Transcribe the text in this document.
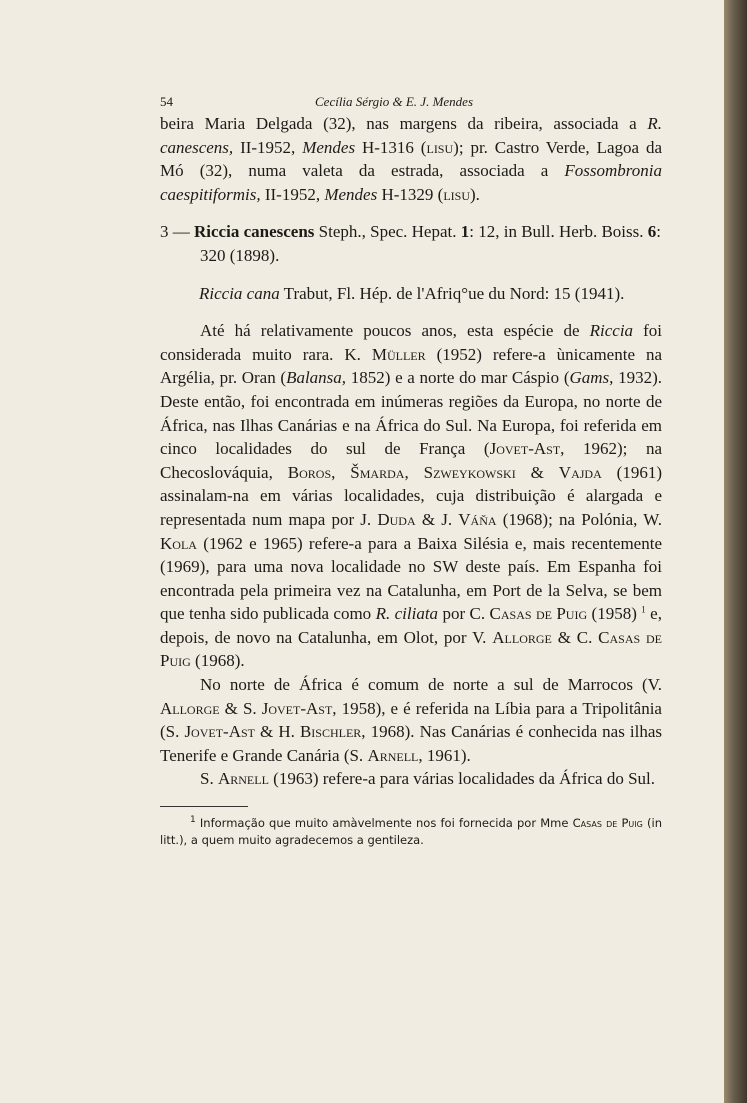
54	Cecília Sérgio & E. J. Mendes

beira Maria Delgada (32), nas margens da ribeira, associada a R. canescens, II-1952, Mendes H-1316 (lisu); pr. Castro Verde, Lagoa da Mó (32), numa valeta da estrada, associada a Fossombronia caespitiformis, II-1952, Mendes H-1329 (lisu).

3 — Riccia canescens Steph., Spec. Hepat. 1: 12, in Bull. Herb. Boiss. 6: 320 (1898).

Riccia cana Trabut, Fl. Hép. de l'Afriq°ue du Nord: 15 (1941).

Até há relativamente poucos anos, esta espécie de Riccia foi considerada muito rara. K. Müller (1952) refere-a ùnicamente na Argélia, pr. Oran (Balansa, 1852) e a norte do mar Cáspio (Gams, 1932). Deste então, foi encontrada em inúmeras regiões da Europa, no norte de África, nas Ilhas Canárias e na África do Sul. Na Europa, foi referida em cinco localidades do sul de França (Jovet-Ast, 1962); na Checoslováquia, Boros, Šmarda, Szweykowski & Vajda (1961) assinalam-na em várias localidades, cuja distribuição é alargada e representada num mapa por J. Duda & J. Váňa (1968); na Polónia, W. Kola (1962 e 1965) refere-a para a Baixa Silésia e, mais recentemente (1969), para uma nova localidade no SW deste país. Em Espanha foi encontrada pela primeira vez na Catalunha, em Port de la Selva, se bem que tenha sido publicada como R. ciliata por C. Casas de Puig (1958) $^1$ e, depois, de novo na Catalunha, em Olot, por V. Allorge & C. Casas de Puig (1968).

No norte de África é comum de norte a sul de Marrocos (V. Allorge & S. Jovet-Ast, 1958), e é referida na Líbia para a Tripolitânia (S. Jovet-Ast & H. Bischler, 1968). Nas Canárias é conhecida nas ilhas Tenerife e Grande Canária (S. Arnell, 1961).

S. Arnell (1963) refere-a para várias localidades da África do Sul.

$^1$ Informação que muito amàvelmente nos foi fornecida por Mme Casas de Puig (in litt.), a quem muito agradecemos a gentileza.
